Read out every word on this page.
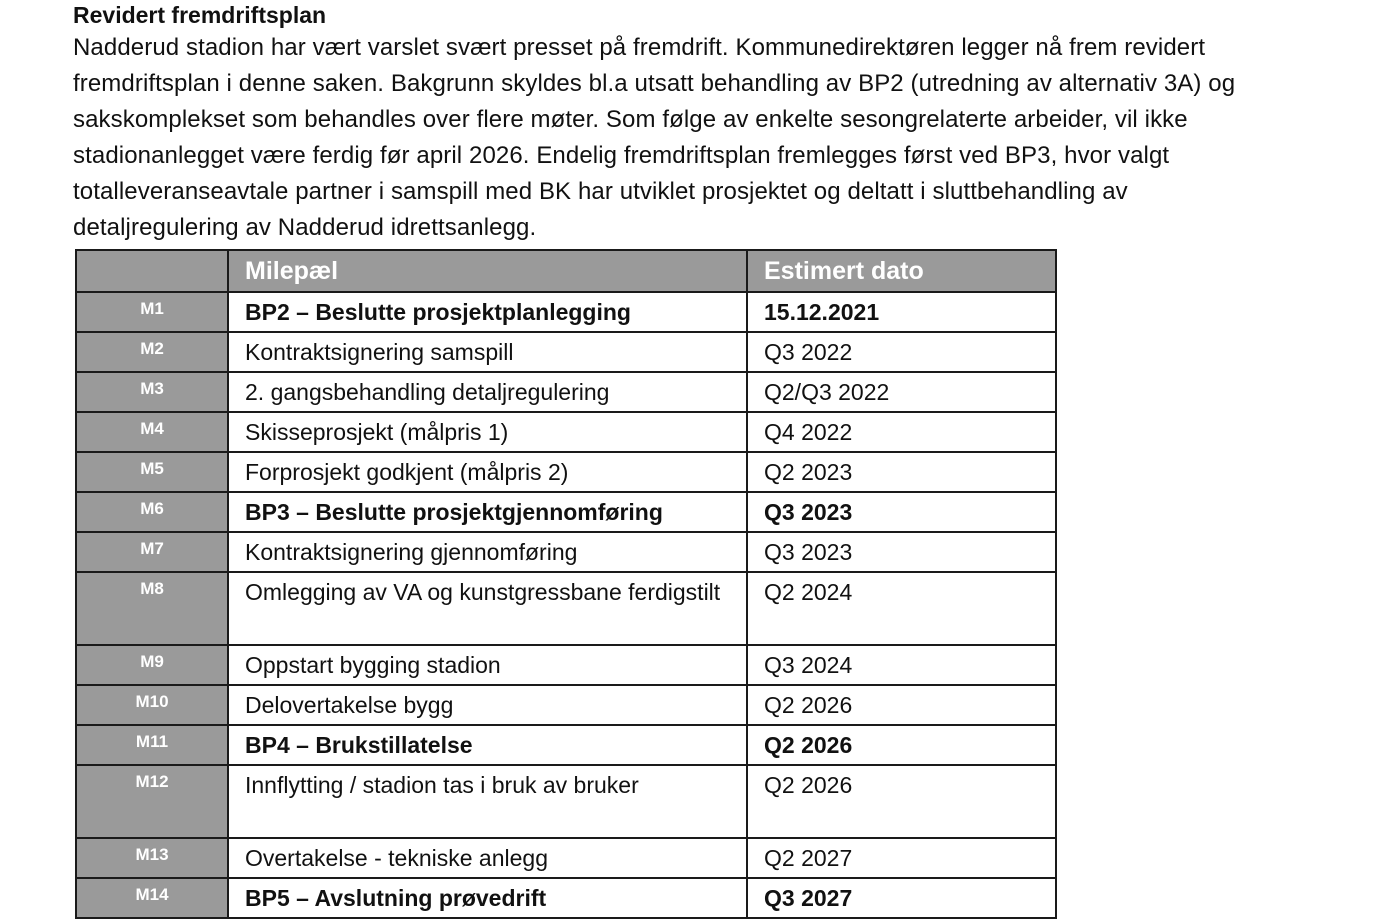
Revidert fremdriftsplan

Nadderud stadion har vært varslet svært presset på fremdrift. Kommunedirektøren legger nå frem revidert
fremdriftsplan i denne saken. Bakgrunn skyldes bl.a utsatt behandling av BP2 (utredning av alternativ 3A) og
sakskomplekset som behandles over flere møter. Som følge av enkelte sesongrelaterte arbeider, vil ikke
stadionanlegget være ferdig før april 2026. Endelig fremdriftsplan fremlegges først ved BP3, hvor valgt
totalleveranseavtale partner i samspill med BK har utviklet prosjektet og deltatt i sluttbehandling av
detaljregulering av Nadderud idrettsanlegg.

	Milepæl	Estimert dato
M1	BP2 – Beslutte prosjektplanlegging	15.12.2021
M2	Kontraktsignering samspill	Q3 2022
M3	2. gangsbehandling detaljregulering	Q2/Q3 2022
M4	Skisseprosjekt (målpris 1)	Q4 2022
M5	Forprosjekt godkjent (målpris 2)	Q2 2023
M6	BP3 – Beslutte prosjektgjennomføring	Q3 2023
M7	Kontraktsignering gjennomføring	Q3 2023
M8	Omlegging av VA og kunstgressbane ferdigstilt	Q2 2024
M9	Oppstart bygging stadion	Q3 2024
M10	Delovertakelse bygg	Q2 2026
M11	BP4 – Brukstillatelse	Q2 2026
M12	Innflytting / stadion tas i bruk av bruker	Q2 2026
M13	Overtakelse - tekniske anlegg	Q2 2027
M14	BP5 – Avslutning prøvedrift	Q3 2027
